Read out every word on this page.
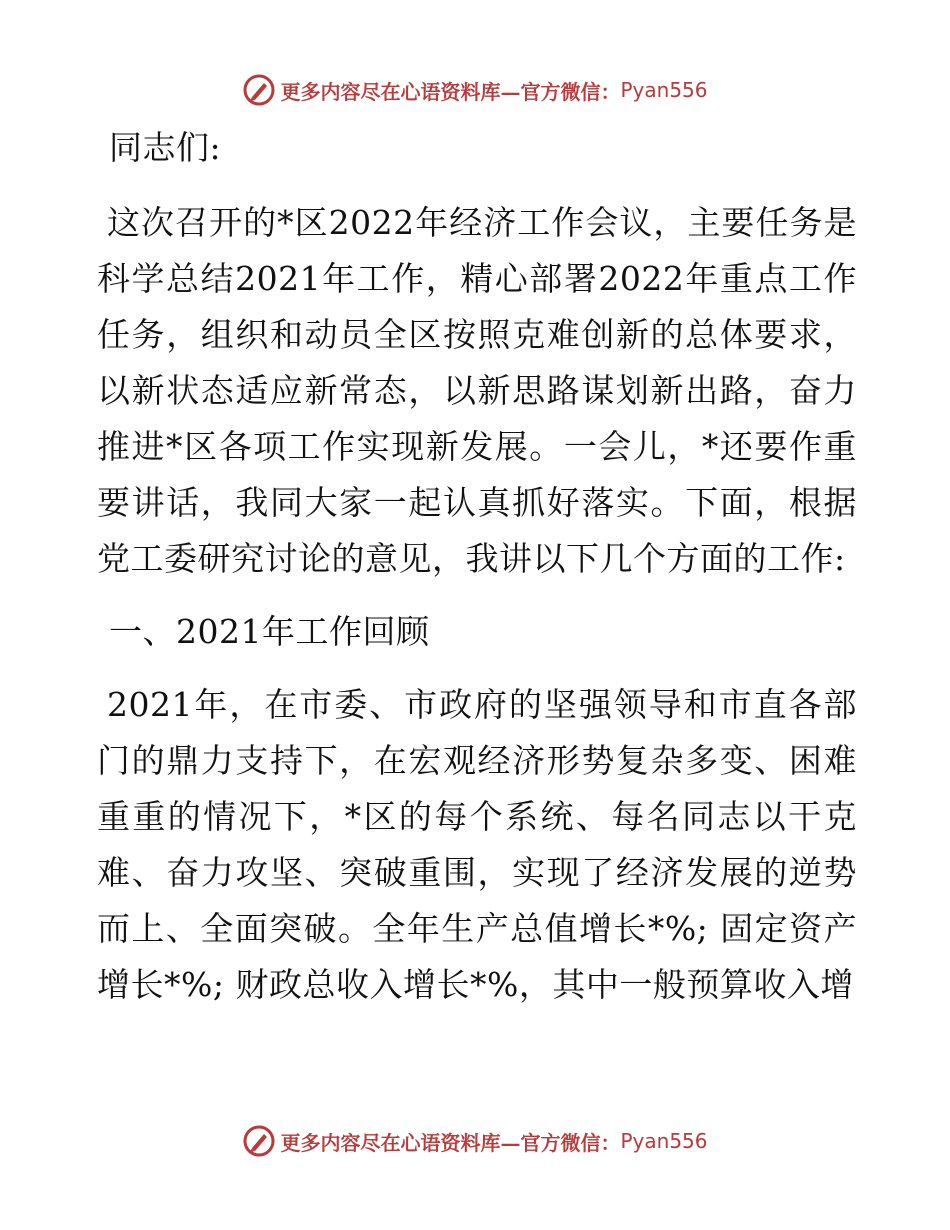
更多内容尽在心语资料库—官方微信： Pyan556

同志们:

这次召开的*区2022年经济工作会议，主要任务是科学总结2021年工作，精心部署2022年重点工作任务，组织和动员全区按照克难创新的总体要求，以新状态适应新常态，以新思路谋划新出路，奋力推进*区各项工作实现新发展。一会儿，*还要作重要讲话，我同大家一起认真抓好落实。下面，根据党工委研究讨论的意见，我讲以下几个方面的工作:

一、2021年工作回顾

2021年，在市委、市政府的坚强领导和市直各部门的鼎力支持下，在宏观经济形势复杂多变、困难重重的情况下，*区的每个系统、每名同志以干克难、奋力攻坚、突破重围，实现了经济发展的逆势而上、全面突破。全年生产总值增长*%; 固定资产增长*%; 财政总收入增长*%，其中一般预算收入增

更多内容尽在心语资料库—官方微信： Pyan556
